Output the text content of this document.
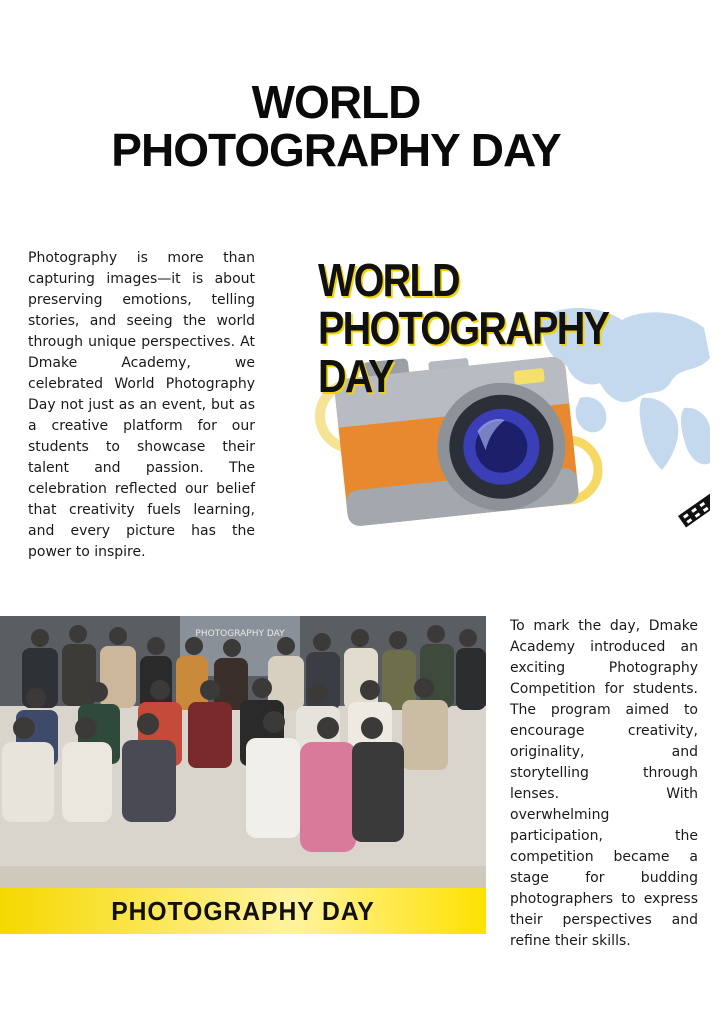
WORLD
PHOTOGRAPHY DAY

Photography is more than capturing images—it is about preserving emotions, telling stories, and seeing the world through unique perspectives. At Dmake Academy, we celebrated World Photography Day not just as an event, but as a creative platform for our students to showcase their talent and passion. The celebration reflected our belief that creativity fuels learning, and every picture has the power to inspire.

WORLD
PHOTOGRAPHY DAY
PHOTOGRAPHY DAY
PHOTOGRAPHY DAY

To mark the day, Dmake Academy introduced an exciting Photography Competition for students. The program aimed to encourage creativity, originality, and storytelling through lenses. With overwhelming participation, the competition became a stage for budding photographers to express their perspectives and refine their skills.
